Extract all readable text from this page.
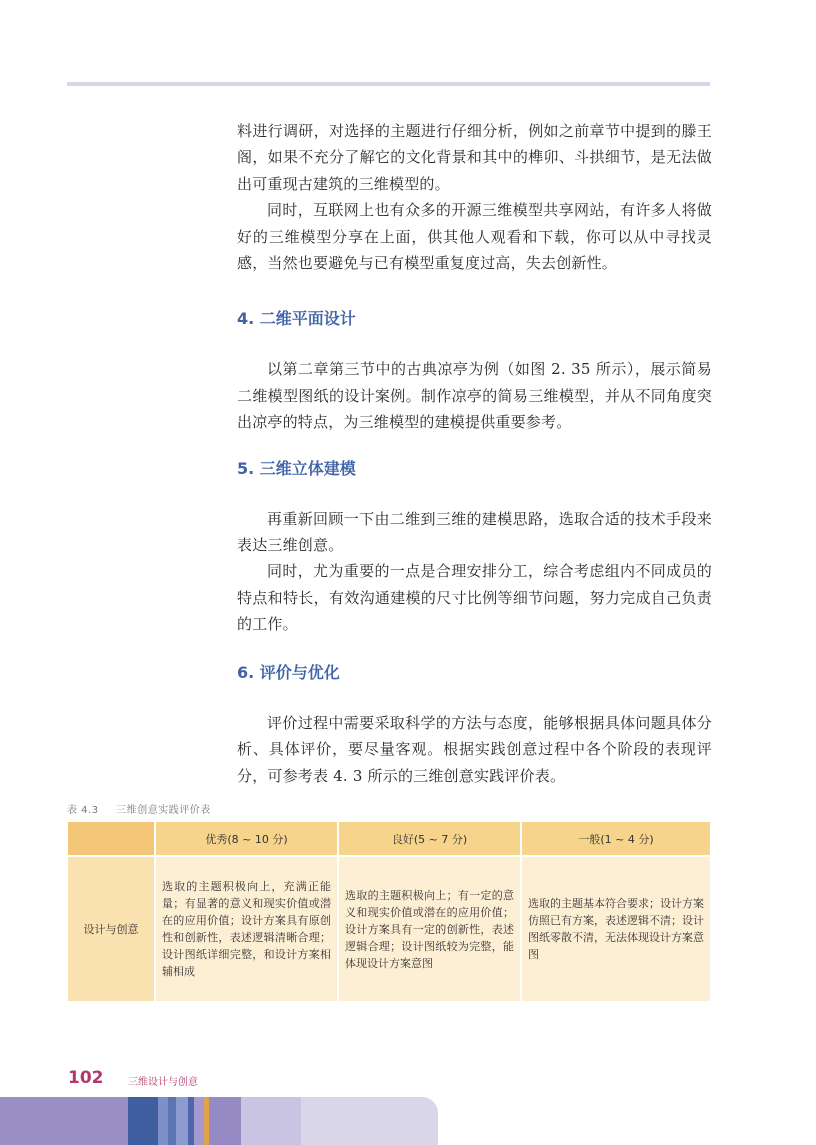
料进行调研，对选择的主题进行仔细分析，例如之前章节中提到的滕王阁，如果不充分了解它的文化背景和其中的榫卯、斗拱细节，是无法做出可重现古建筑的三维模型的。

同时，互联网上也有众多的开源三维模型共享网站，有许多人将做好的三维模型分享在上面，供其他人观看和下载，你可以从中寻找灵感，当然也要避免与已有模型重复度过高，失去创新性。

4. 二维平面设计

以第二章第三节中的古典凉亭为例（如图 2. 35 所示），展示简易二维模型图纸的设计案例。制作凉亭的简易三维模型，并从不同角度突出凉亭的特点，为三维模型的建模提供重要参考。

5. 三维立体建模

再重新回顾一下由二维到三维的建模思路，选取合适的技术手段来表达三维创意。

同时，尤为重要的一点是合理安排分工，综合考虑组内不同成员的特点和特长，有效沟通建模的尺寸比例等细节问题，努力完成自己负责的工作。

6. 评价与优化

评价过程中需要采取科学的方法与态度，能够根据具体问题具体分析、具体评价，要尽量客观。根据实践创意过程中各个阶段的表现评分，可参考表 4. 3 所示的三维创意实践评价表。

表 4.3 三维创意实践评价表
	优秀(8 ~ 10 分)	良好(5 ~ 7 分)	一般(1 ~ 4 分)
设计与创意	选取的主题积极向上，充满正能量；有显著的意义和现实价值或潜在的应用价值；设计方案具有原创性和创新性，表述逻辑清晰合理；设计图纸详细完整，和设计方案相辅相成	选取的主题积极向上；有一定的意义和现实价值或潜在的应用价值；设计方案具有一定的创新性，表述逻辑合理；设计图纸较为完整，能体现设计方案意图	选取的主题基本符合要求；设计方案仿照已有方案，表述逻辑不清；设计图纸零散不清，无法体现设计方案意图
102 三维设计与创意
